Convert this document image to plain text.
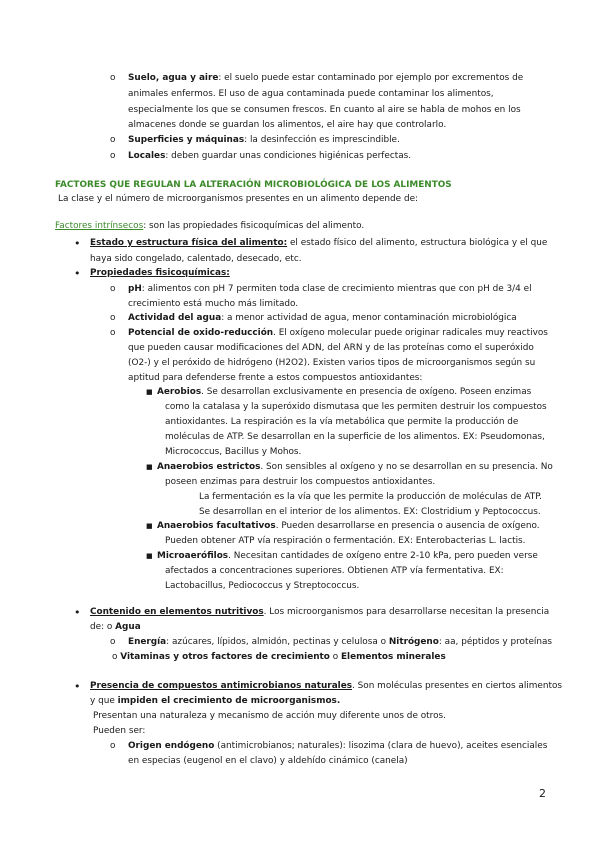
o Suelo, agua y aire: el suelo puede estar contaminado por ejemplo por excrementos de
animales enfermos. El uso de agua contaminada puede contaminar los alimentos,
especialmente los que se consumen frescos. En cuanto al aire se habla de mohos en los
almacenes donde se guardan los alimentos, el aire hay que controlarlo.
o Superficies y máquinas: la desinfección es imprescindible.
o Locales: deben guardar unas condiciones higiénicas perfectas.
FACTORES QUE REGULAN LA ALTERACIÓN MICROBIOLÓGICA DE LOS ALIMENTOS
La clase y el número de microorganismos presentes en un alimento depende de:
Factores intrínsecos: son las propiedades fisicoquímicas del alimento.
• Estado y estructura física del alimento: el estado físico del alimento, estructura biológica y el que
haya sido congelado, calentado, desecado, etc.
• Propiedades fisicoquímicas:
o pH: alimentos con pH 7 permiten toda clase de crecimiento mientras que con pH de 3/4 el
crecimiento está mucho más limitado.
o Actividad del agua: a menor actividad de agua, menor contaminación microbiológica
o Potencial de oxido-reducción. El oxígeno molecular puede originar radicales muy reactivos
que pueden causar modificaciones del ADN, del ARN y de las proteínas como el superóxido
(O2-) y el peróxido de hidrógeno (H2O2). Existen varios tipos de microorganismos según su
aptitud para defenderse frente a estos compuestos antioxidantes:
■ Aerobios. Se desarrollan exclusivamente en presencia de oxígeno. Poseen enzimas
como la catalasa y la superóxido dismutasa que les permiten destruir los compuestos
antioxidantes. La respiración es la vía metabólica que permite la producción de
moléculas de ATP. Se desarrollan en la superficie de los alimentos. EX: Pseudomonas,
Micrococcus, Bacillus y Mohos.
■ Anaerobios estrictos. Son sensibles al oxígeno y no se desarrollan en su presencia. No
poseen enzimas para destruir los compuestos antioxidantes.
La fermentación es la vía que les permite la producción de moléculas de ATP.
Se desarrollan en el interior de los alimentos. EX: Clostridium y Peptococcus.
■ Anaerobios facultativos. Pueden desarrollarse en presencia o ausencia de oxígeno.
Pueden obtener ATP vía respiración o fermentación. EX: Enterobacterias L. lactis.
■ Microaerófilos. Necesitan cantidades de oxígeno entre 2-10 kPa, pero pueden verse
afectados a concentraciones superiores. Obtienen ATP vía fermentativa. EX:
Lactobacillus, Pediococcus y Streptococcus.
• Contenido en elementos nutritivos. Los microorganismos para desarrollarse necesitan la presencia
de: o Agua
o Energía: azúcares, lípidos, almidón, pectinas y celulosa o Nitrógeno: aa, péptidos y proteínas
o Vitaminas y otros factores de crecimiento o Elementos minerales
• Presencia de compuestos antimicrobianos naturales. Son moléculas presentes en ciertos alimentos
y que impiden el crecimiento de microorganismos.
Presentan una naturaleza y mecanismo de acción muy diferente unos de otros.
Pueden ser:
o Origen endógeno (antimicrobianos; naturales): lisozima (clara de huevo), aceites esenciales
en especias (eugenol en el clavo) y aldehído cinámico (canela)
2
